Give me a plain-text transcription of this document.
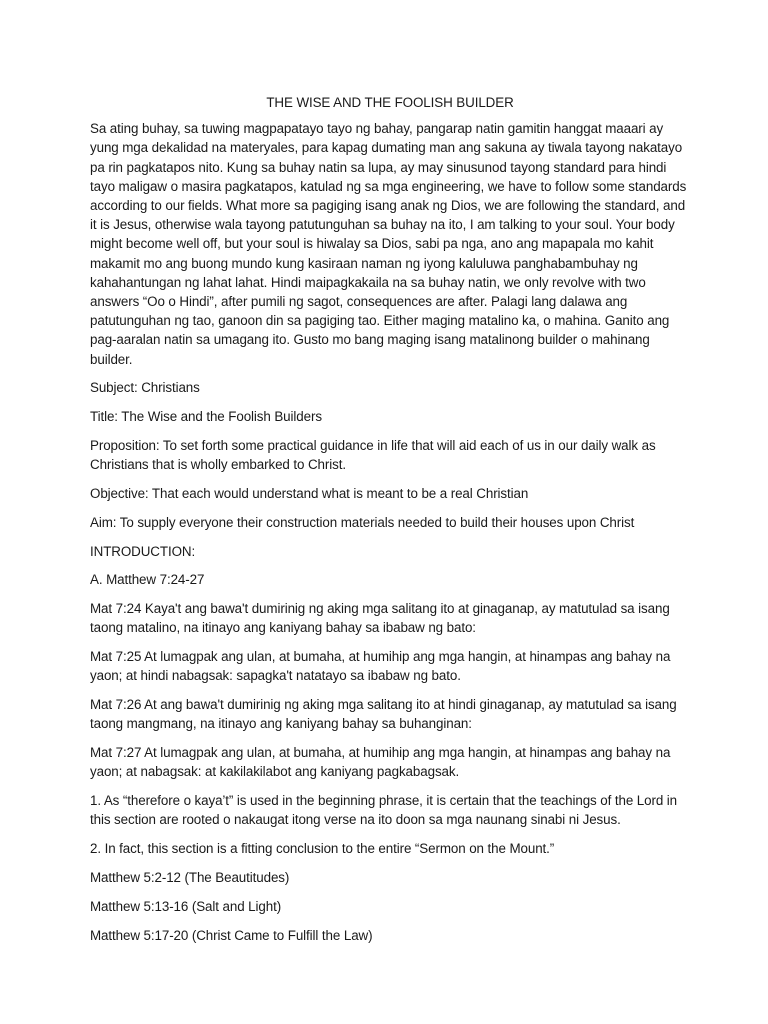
THE WISE AND THE FOOLISH BUILDER

Sa ating buhay, sa tuwing magpapatayo tayo ng bahay, pangarap natin gamitin hanggat maaari ay yung mga dekalidad na materyales, para kapag dumating man ang sakuna ay tiwala tayong nakatayo pa rin pagkatapos nito. Kung sa buhay natin sa lupa, ay may sinusunod tayong standard para hindi tayo maligaw o masira pagkatapos, katulad ng sa mga engineering, we have to follow some standards according to our fields. What more sa pagiging isang anak ng Dios, we are following the standard, and it is Jesus, otherwise wala tayong patutunguhan sa buhay na ito, I am talking to your soul. Your body might become well off, but your soul is hiwalay sa Dios, sabi pa nga, ano ang mapapala mo kahit makamit mo ang buong mundo kung kasiraan naman ng iyong kaluluwa panghabambuhay ng kahahantungan ng lahat lahat. Hindi maipagkakaila na sa buhay natin, we only revolve with two answers “Oo o Hindi”, after pumili ng sagot, consequences are after. Palagi lang dalawa ang patutunguhan ng tao, ganoon din sa pagiging tao. Either maging matalino ka, o mahina. Ganito ang pag-aaralan natin sa umagang ito. Gusto mo bang maging isang matalinong builder o mahinang builder.

Subject: Christians

Title: The Wise and the Foolish Builders

Proposition: To set forth some practical guidance in life that will aid each of us in our daily walk as Christians that is wholly embarked to Christ.

Objective: That each would understand what is meant to be a real Christian

Aim: To supply everyone their construction materials needed to build their houses upon Christ

INTRODUCTION:

A. Matthew 7:24-27

Mat 7:24 Kaya't ang bawa't dumirinig ng aking mga salitang ito at ginaganap, ay matutulad sa isang taong matalino, na itinayo ang kaniyang bahay sa ibabaw ng bato:

Mat 7:25 At lumagpak ang ulan, at bumaha, at humihip ang mga hangin, at hinampas ang bahay na yaon; at hindi nabagsak: sapagka't natatayo sa ibabaw ng bato.

Mat 7:26 At ang bawa't dumirinig ng aking mga salitang ito at hindi ginaganap, ay matutulad sa isang taong mangmang, na itinayo ang kaniyang bahay sa buhanginan:

Mat 7:27 At lumagpak ang ulan, at bumaha, at humihip ang mga hangin, at hinampas ang bahay na yaon; at nabagsak: at kakilakilabot ang kaniyang pagkabagsak.

1. As “therefore o kaya’t” is used in the beginning phrase, it is certain that the teachings of the Lord in this section are rooted o nakaugat itong verse na ito doon sa mga naunang sinabi ni Jesus.

2. In fact, this section is a fitting conclusion to the entire “Sermon on the Mount.”

Matthew 5:2-12 (The Beautitudes)

Matthew 5:13-16 (Salt and Light)

Matthew 5:17-20 (Christ Came to Fulfill the Law)
